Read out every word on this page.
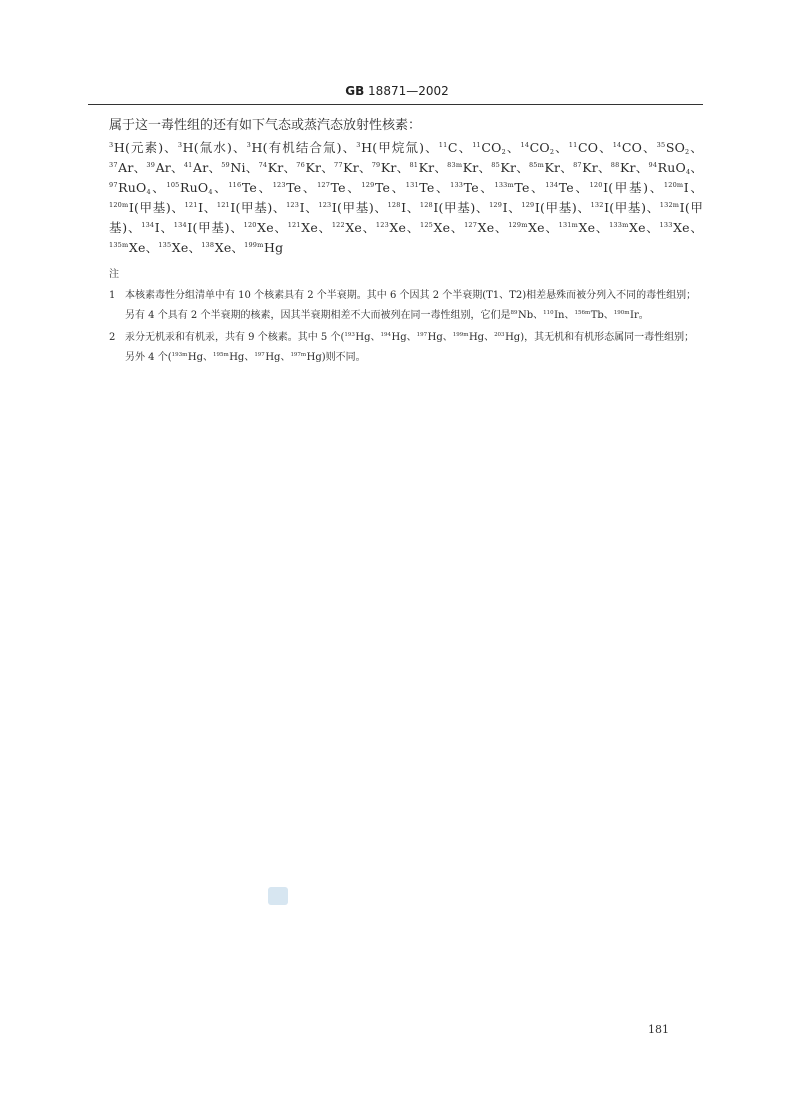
GB 18871—2002
属于这一毒性组的还有如下气态或蒸汽态放射性核素：
$^3$H(元素)、$^3$H(氚水)、$^3$H(有机结合氚)、$^3$H(甲烷氚)、$^{11}$C、$^{11}CO_2$、$^{14}CO_2$、$^{11}$CO、$^{14}$CO、$^{35}SO_2$、$^{37}$Ar、$^{39}$Ar、$^{41}$Ar、$^{59}$Ni、$^{74}$Kr、$^{76}$Kr、$^{77}$Kr、$^{79}$Kr、$^{81}$Kr、$^{83m}$Kr、$^{85}$Kr、$^{85m}$Kr、$^{87}$Kr、$^{88}$Kr、$^{94}$RuO$_4$、$^{97}$RuO$_4$、$^{105}$RuO$_4$、$^{116}$Te、$^{123}$Te、$^{127}$Te、$^{129}$Te、$^{131}$Te、$^{133}$Te、$^{133m}$Te、$^{134}$Te、$^{120}$I(甲基)、$^{120m}$I、$^{120m}$I(甲基)、$^{121}$I、$^{121}$I(甲基)、$^{123}$I、$^{123}$I(甲基)、$^{128}$I、$^{128}$I(甲基)、$^{129}$I、$^{129}$I(甲基)、$^{132}$I(甲基)、$^{132m}$I(甲基)、$^{134}$I、$^{134}$I(甲基)、$^{120}$Xe、$^{121}$Xe、$^{122}$Xe、$^{123}$Xe、$^{125}$Xe、$^{127}$Xe、$^{129m}$Xe、$^{131m}$Xe、$^{133m}$Xe、$^{133}$Xe、$^{135m}$Xe、$^{135}$Xe、$^{138}$Xe、$^{199m}$Hg
注
1 本核素毒性分组清单中有 10 个核素具有 2 个半衰期。其中 6 个因其 2 个半衰期(T1、T2)相差悬殊而被分列入不同的毒性组别；另有 4 个具有 2 个半衰期的核素，因其半衰期相差不大而被列在同一毒性组别，它们是$^{89}$Nb、$^{110}$In、$^{156m}$Tb、$^{190m}$Ir。
2 汞分无机汞和有机汞，共有 9 个核素。其中 5 个($^{193}$Hg、$^{194}$Hg、$^{197}$Hg、$^{199m}$Hg、$^{203}$Hg)，其无机和有机形态属同一毒性组别；另外 4 个($^{193m}$Hg、$^{195m}$Hg、$^{197}$Hg、$^{197m}$Hg)则不同。
181
